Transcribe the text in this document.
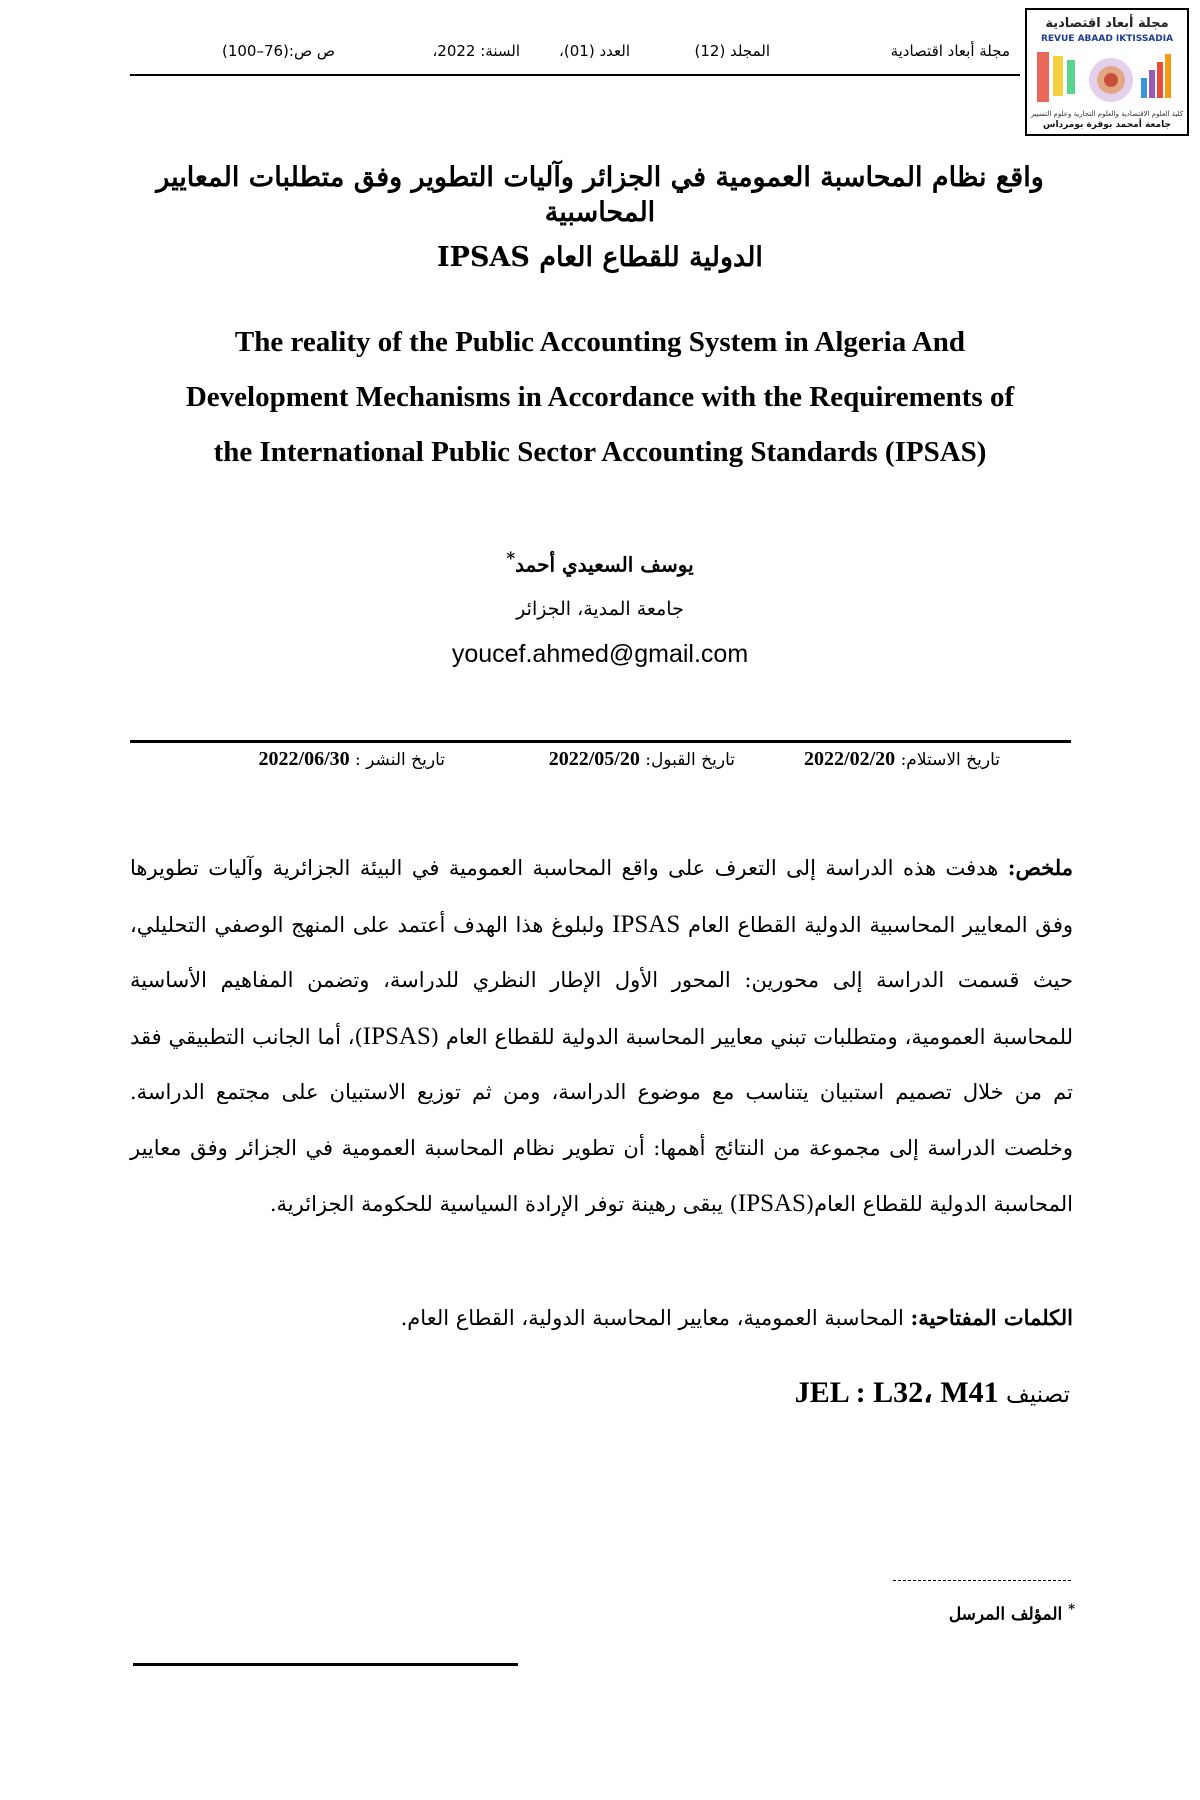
مجلة أبعاد اقتصادية
المجلد (12)
العدد (01)،
السنة: 2022،
ص ص:(76–100)
مجلة أبعاد اقتصادية
REVUE ABAAD IKTISSADIA
كلية العلوم الاقتصادية والعلوم التجارية وعلوم التسيير
جامعة أمحمد بوقرة بومرداس
واقع نظام المحاسبة العمومية في الجزائر وآليات التطوير وفق متطلبات المعايير المحاسبية
الدولية للقطاع العام IPSAS
The reality of the Public Accounting System in Algeria And
Development Mechanisms in Accordance with the Requirements of
the International Public Sector Accounting Standards (IPSAS)
يوسف السعيدي أحمد*
جامعة المدية، الجزائر
youcef.ahmed@gmail.com
تاريخ الاستلام: 2022/02/20
تاريخ القبول: 2022/05/20
تاريخ النشر : 2022/06/30
ملخص: هدفت هذه الدراسة إلى التعرف على واقع المحاسبة العمومية في البيئة الجزائرية وآليات تطويرها وفق المعايير المحاسبية الدولية القطاع العام IPSAS ولبلوغ هذا الهدف أعتمد على المنهج الوصفي التحليلي، حيث قسمت الدراسة إلى محورين: المحور الأول الإطار النظري للدراسة، وتضمن المفاهيم الأساسية للمحاسبة العمومية، ومتطلبات تبني معايير المحاسبة الدولية للقطاع العام (IPSAS)، أما الجانب التطبيقي فقد تم من خلال تصميم استبيان يتناسب مع موضوع الدراسة، ومن ثم توزيع الاستبيان على مجتمع الدراسة. وخلصت الدراسة إلى مجموعة من النتائج أهمها: أن تطوير نظام المحاسبة العمومية في الجزائر وفق معايير المحاسبة الدولية للقطاع العام(IPSAS) يبقى رهينة توفر الإرادة السياسية للحكومة الجزائرية.
الكلمات المفتاحية: المحاسبة العمومية، معايير المحاسبة الدولية، القطاع العام.
تصنيف JEL : L32، M41
* المؤلف المرسل
